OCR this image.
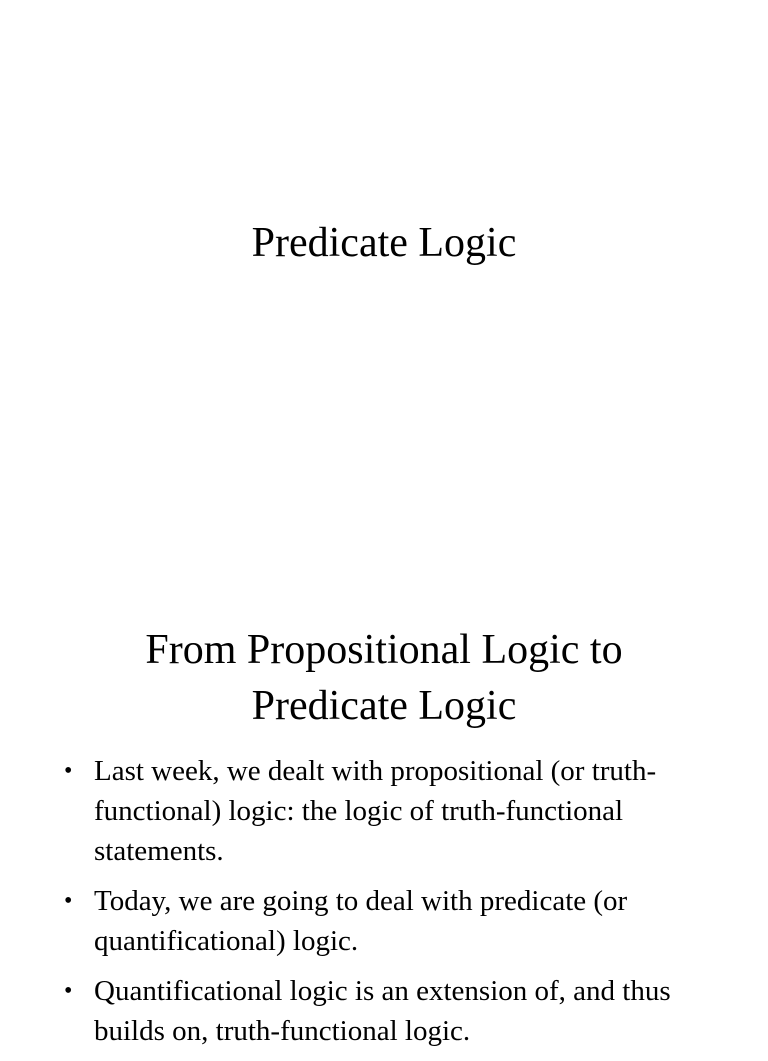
Predicate Logic
From Propositional Logic to
Predicate Logic
• Last week, we dealt with propositional (or truth-functional) logic: the logic of truth-functional statements.
• Today, we are going to deal with predicate (or quantificational) logic.
• Quantificational logic is an extension of, and thus builds on, truth-functional logic.
